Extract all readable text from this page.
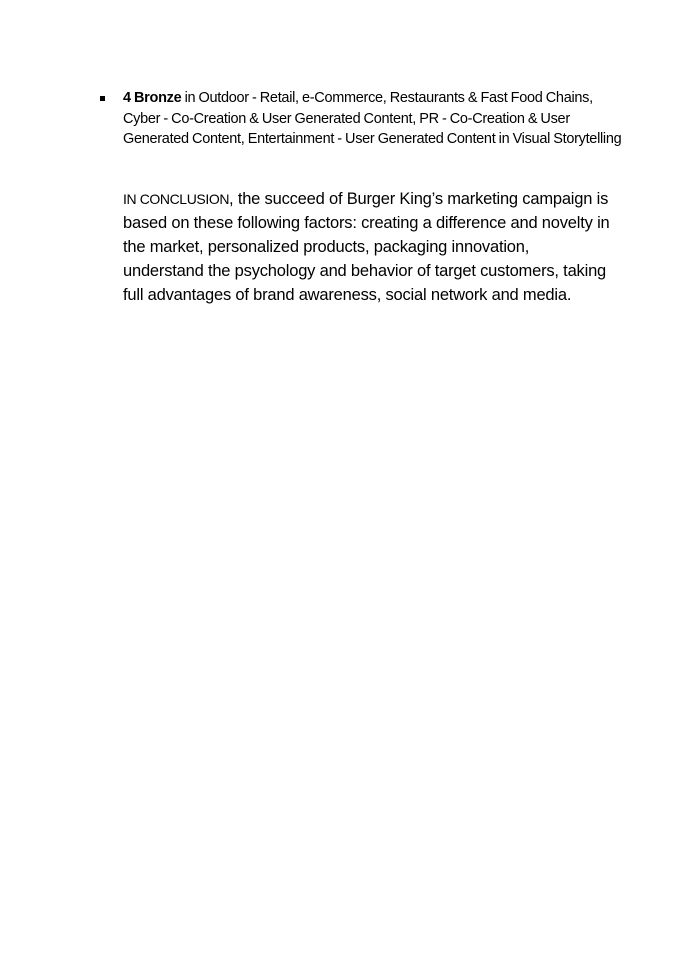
4 Bronze in Outdoor - Retail, e-Commerce, Restaurants & Fast Food Chains, Cyber - Co-Creation & User Generated Content, PR - Co-Creation & User Generated Content, Entertainment - User Generated Content in Visual Storytelling
IN CONCLUSION, the succeed of Burger King’s marketing campaign is based on these following factors: creating a difference and novelty in the market, personalized products, packaging innovation, understand the psychology and behavior of target customers, taking full advantages of brand awareness, social network and media.
